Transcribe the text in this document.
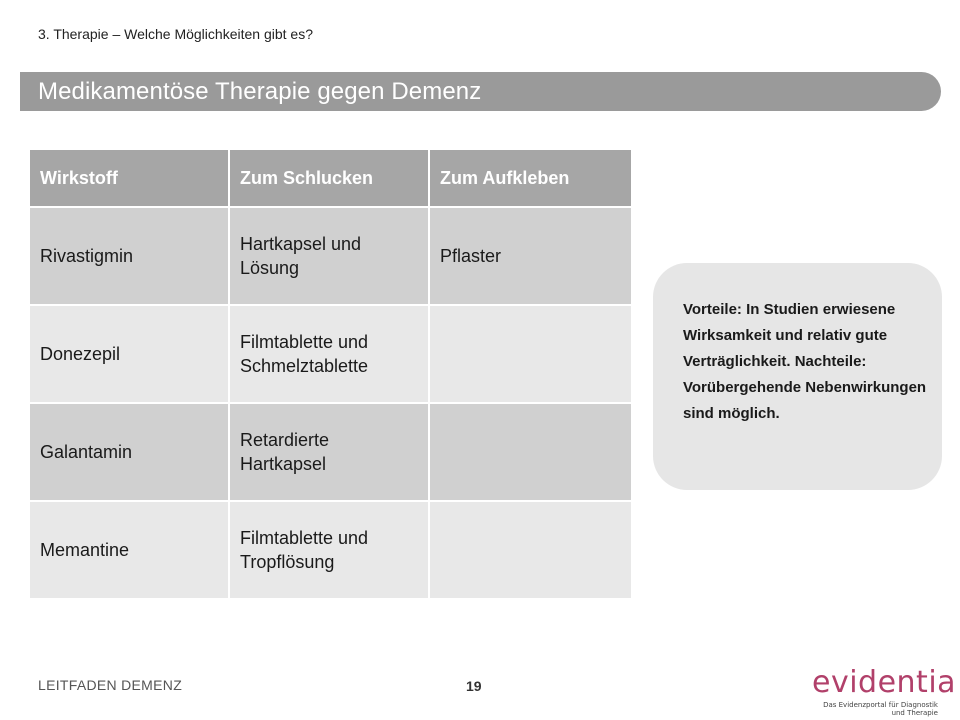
3. Therapie – Welche Möglichkeiten gibt es?
Medikamentöse Therapie gegen Demenz
Wirkstoff	Zum Schlucken	Zum Aufkleben
Rivastigmin	Hartkapsel und Lösung	Pflaster
Donezepil	Filmtablette und Schmelztablette	
Galantamin	Retardierte Hartkapsel	
Memantine	Filmtablette und Tropflösung	
Vorteile: In Studien erwiesene Wirksamkeit und relativ gute Verträglichkeit. Nachteile: Vorübergehende Nebenwirkungen sind möglich.
LEITFADEN DEMENZ	19	evidentia
Das Evidenzportal für Diagnostik und Therapie
